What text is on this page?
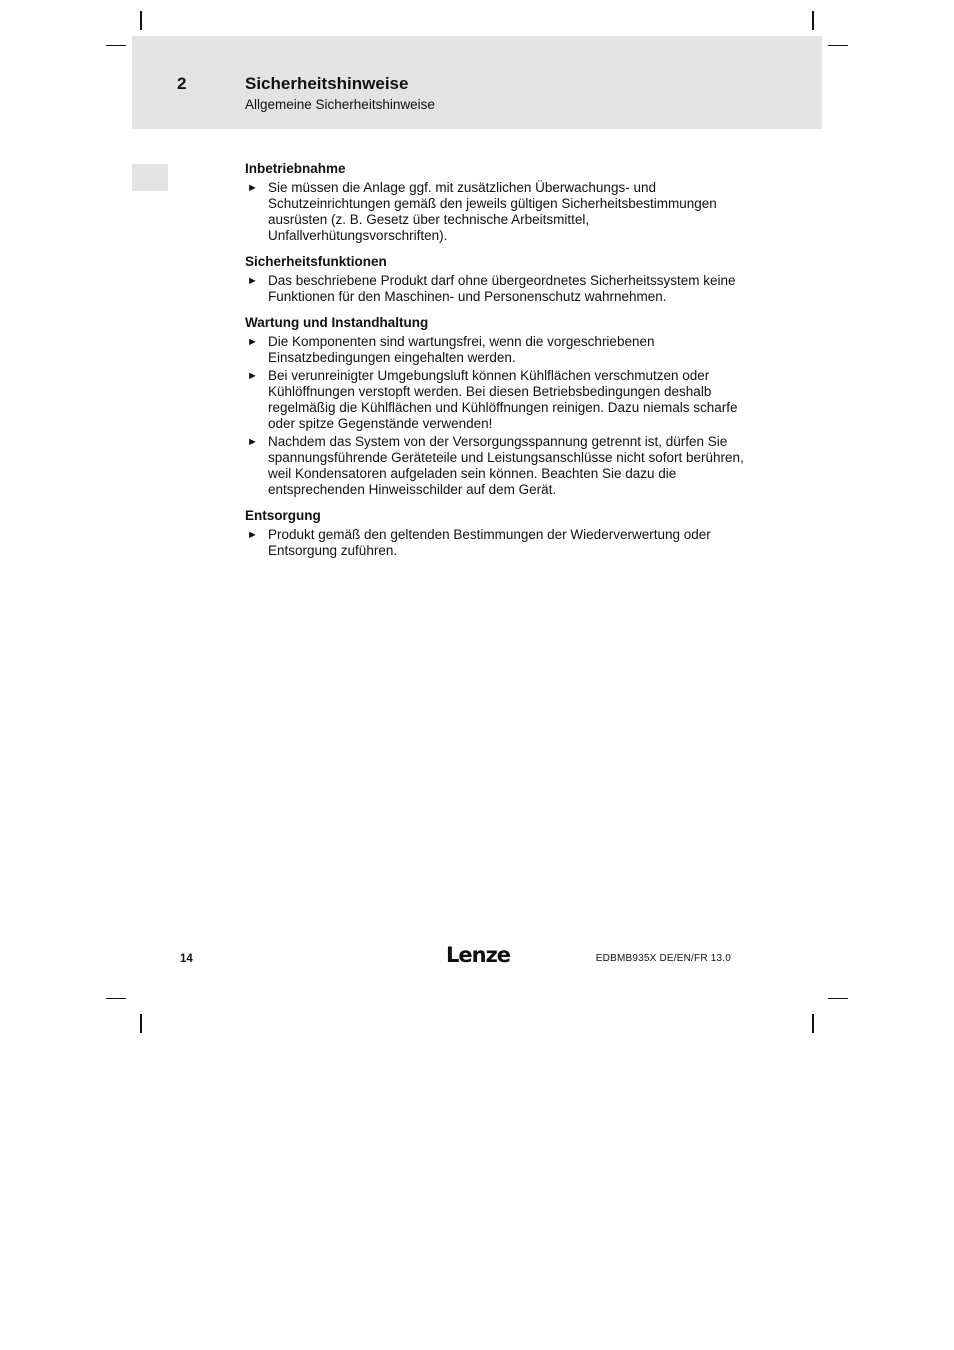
2	Sicherheitshinweise
Allgemeine Sicherheitshinweise
Inbetriebnahme
► Sie müssen die Anlage ggf. mit zusätzlichen Überwachungs- und Schutzeinrichtungen gemäß den jeweils gültigen Sicherheitsbestimmungen ausrüsten (z. B. Gesetz über technische Arbeitsmittel, Unfallverhütungsvorschriften).
Sicherheitsfunktionen
► Das beschriebene Produkt darf ohne übergeordnetes Sicherheitssystem keine Funktionen für den Maschinen- und Personenschutz wahrnehmen.
Wartung und Instandhaltung
► Die Komponenten sind wartungsfrei, wenn die vorgeschriebenen Einsatzbedingungen eingehalten werden.
► Bei verunreinigter Umgebungsluft können Kühlflächen verschmutzen oder Kühlöffnungen verstopft werden. Bei diesen Betriebsbedingungen deshalb regelmäßig die Kühlflächen und Kühlöffnungen reinigen. Dazu niemals scharfe oder spitze Gegenstände verwenden!
► Nachdem das System von der Versorgungsspannung getrennt ist, dürfen Sie spannungsführende Geräteteile und Leistungsanschlüsse nicht sofort berühren, weil Kondensatoren aufgeladen sein können. Beachten Sie dazu die entsprechenden Hinweisschilder auf dem Gerät.
Entsorgung
► Produkt gemäß den geltenden Bestimmungen der Wiederverwertung oder Entsorgung zuführen.
14	Lenze	EDBMB935X DE/EN/FR 13.0
